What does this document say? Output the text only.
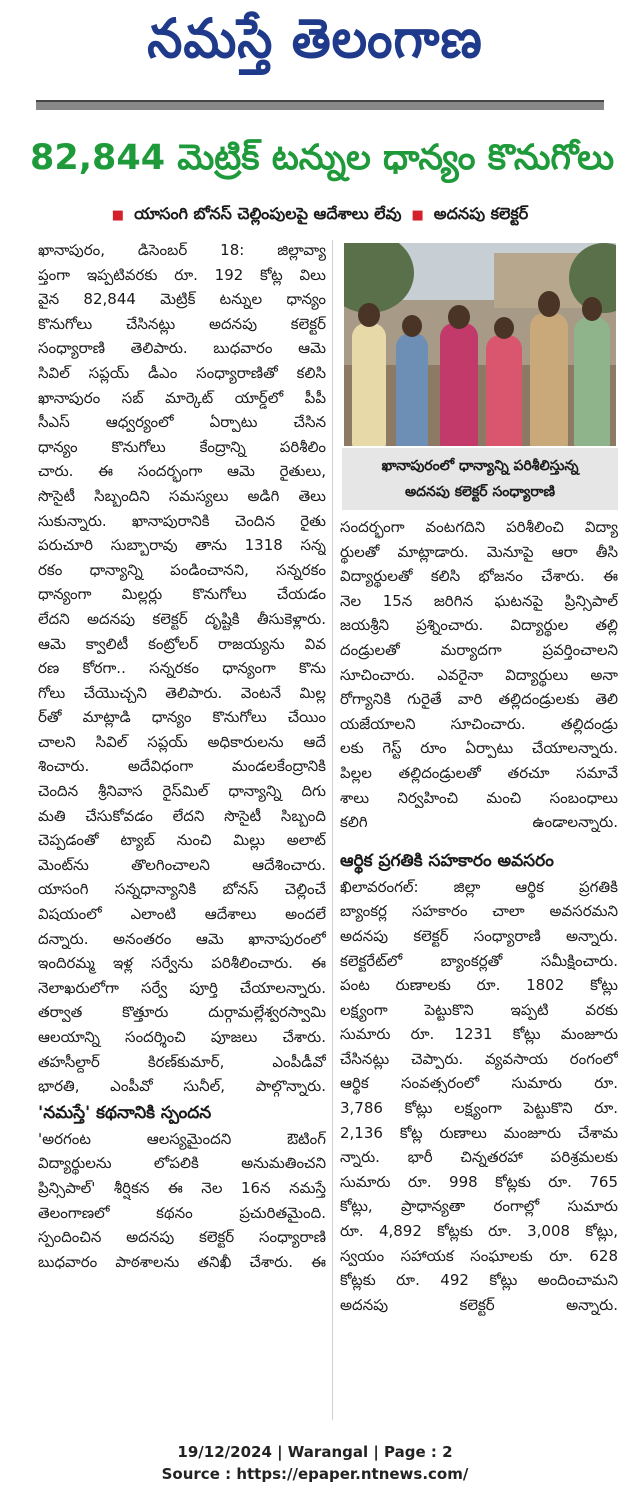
నమస్తే తెలంగాణ
82,844 మెట్రిక్ టన్నుల ధాన్యం కొనుగోలు
■ యాసంగి బోనస్ చెల్లింపులపై ఆదేశాలు లేవు ■ అదనపు కలెక్టర్
ఖానాపురం, డిసెంబర్ 18: జిల్లావ్యా
ప్తంగా ఇప్పటివరకు రూ. 192 కోట్ల విలు
వైన 82,844 మెట్రిక్ టన్నుల ధాన్యం
కొనుగోలు చేసినట్లు అదనపు కలెక్టర్
సంధ్యారాణి తెలిపారు. బుధవారం ఆమె
సివిల్ సప్లయ్ డీఎం సంధ్యారాణితో కలిసి
ఖానాపురం సబ్ మార్కెట్ యార్డ్‌లో పీపీ
సీఎస్ ఆధ్వర్యంలో ఏర్పాటు చేసిన
ధాన్యం కొనుగోలు కేంద్రాన్ని పరిశీలిం
చారు. ఈ సందర్భంగా ఆమె రైతులు,
సొసైటీ సిబ్బందిని సమస్యలు అడిగి తెలు
సుకున్నారు. ఖానాపురానికి చెందిన రైతు
పరుచూరి సుబ్బారావు తాను 1318 సన్న
రకం ధాన్యాన్ని పండించానని, సన్నరకం
ధాన్యంగా మిల్లర్లు కొనుగోలు చేయడం
లేదని అదనపు కలెక్టర్ దృష్టికి తీసుకెళ్లారు.
ఆమె క్వాలిటీ కంట్రోలర్ రాజయ్యను వివ
రణ కోరగా.. సన్నరకం ధాన్యంగా కొను
గోలు చేయొచ్చని తెలిపారు. వెంటనే మిల్ల
ర్‌తో మాట్లాడి ధాన్యం కొనుగోలు చేయిం
చాలని సివిల్ సప్లయ్ అధికారులను ఆదే
శించారు. అదేవిధంగా మండలకేంద్రానికి
చెందిన శ్రీనివాస రైస్‌మిల్ ధాన్యాన్ని దిగు
మతి చేసుకోవడం లేదని సొసైటీ సిబ్బంది
చెప్పడంతో ట్యాబ్ నుంచి మిల్లు అలాట్
మెంట్‌ను తొలగించాలని ఆదేశించారు.
యాసంగి సన్నధాన్యానికి బోనస్ చెల్లించే
విషయంలో ఎలాంటి ఆదేశాలు అందలే
దన్నారు. అనంతరం ఆమె ఖానాపురంలో
ఇందిరమ్మ ఇళ్ల సర్వేను పరిశీలించారు. ఈ
నెలాఖరులోగా సర్వే పూర్తి చేయాలన్నారు.
తర్వాత కొత్తూరు దుర్గామల్లేశ్వరస్వామి
ఆలయాన్ని సందర్శించి పూజలు చేశారు.
తహసీల్దార్ కిరణ్‌కుమార్, ఎంపీడీవో
భారతి, ఎంపీవో సునీల్, పాల్గొన్నారు.
'నమస్తే' కథనానికి స్పందన
'అరగంట ఆలస్యమైందని ఔటింగ్
విద్యార్థులను లోపలికి అనుమతించని
ప్రిన్సిపాల్' శీర్షికన ఈ నెల 16న నమస్తే
తెలంగాణలో కథనం ప్రచురితమైంది.
స్పందించిన అదనపు కలెక్టర్ సంధ్యారాణి
బుధవారం పాఠశాలను తనిఖీ చేశారు. ఈ
ఖానాపురంలో ధాన్యాన్ని పరిశీలిస్తున్న
అదనపు కలెక్టర్ సంధ్యారాణి
సందర్భంగా వంటగదిని పరిశీలించి విద్యా
ర్థులతో మాట్లాడారు. మెనూపై ఆరా తీసి
విద్యార్థులతో కలిసి భోజనం చేశారు. ఈ
నెల 15న జరిగిన ఘటనపై ప్రిన్సిపాల్
జయశ్రీని ప్రశ్నించారు. విద్యార్థుల తల్లి
దండ్రులతో మర్యాదగా ప్రవర్తించాలని
సూచించారు. ఎవరైనా విద్యార్థులు అనా
రోగ్యానికి గురైతే వారి తల్లిదండ్రులకు తెలి
యజేయాలని సూచించారు. తల్లిదండ్రు
లకు గెస్ట్ రూం ఏర్పాటు చేయాలన్నారు.
పిల్లల తల్లిదండ్రులతో తరచూ సమావే
శాలు నిర్వహించి మంచి సంబంధాలు
కలిగి ఉండాలన్నారు.
ఆర్థిక ప్రగతికి సహకారం అవసరం
ఖిలావరంగల్: జిల్లా ఆర్థిక ప్రగతికి
బ్యాంకర్ల సహకారం చాలా అవసరమని
అదనపు కలెక్టర్ సంధ్యారాణి అన్నారు.
కలెక్టరేట్‌లో బ్యాంకర్లతో సమీక్షించారు.
పంట రుణాలకు రూ. 1802 కోట్లు
లక్ష్యంగా పెట్టుకొని ఇప్పటి వరకు
సుమారు రూ. 1231 కోట్లు మంజూరు
చేసినట్లు చెప్పారు. వ్యవసాయ రంగంలో
ఆర్థిక సంవత్సరంలో సుమారు రూ.
3,786 కోట్లు లక్ష్యంగా పెట్టుకొని రూ.
2,136 కోట్ల రుణాలు మంజూరు చేశామ
న్నారు. భారీ చిన్నతరహా పరిశ్రమలకు
సుమారు రూ. 998 కోట్లకు రూ. 765
కోట్లు, ప్రాధాన్యతా రంగాల్లో సుమారు
రూ. 4,892 కోట్లకు రూ. 3,008 కోట్లు,
స్వయం సహాయక సంఘాలకు రూ. 628
కోట్లకు రూ. 492 కోట్లు అందించామని
అదనపు కలెక్టర్ అన్నారు.
19/12/2024 | Warangal | Page : 2
Source : https://epaper.ntnews.com/
